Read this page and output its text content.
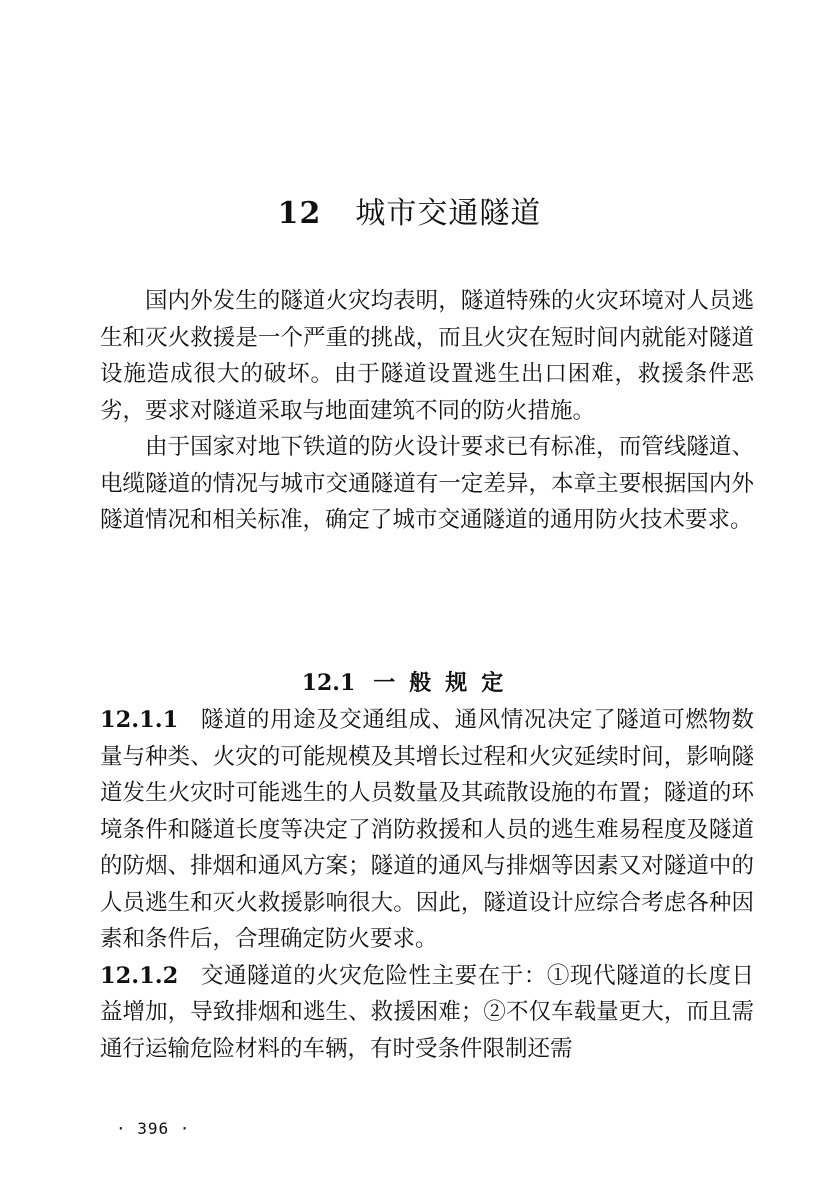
12 城市交通隧道

国内外发生的隧道火灾均表明，隧道特殊的火灾环境对人员逃生和灭火救援是一个严重的挑战，而且火灾在短时间内就能对隧道设施造成很大的破坏。由于隧道设置逃生出口困难，救援条件恶劣，要求对隧道采取与地面建筑不同的防火措施。

由于国家对地下铁道的防火设计要求已有标准，而管线隧道、电缆隧道的情况与城市交通隧道有一定差异，本章主要根据国内外隧道情况和相关标准，确定了城市交通隧道的通用防火技术要求。

12.1 一般规定

12.1.1 隧道的用途及交通组成、通风情况决定了隧道可燃物数量与种类、火灾的可能规模及其增长过程和火灾延续时间，影响隧道发生火灾时可能逃生的人员数量及其疏散设施的布置；隧道的环境条件和隧道长度等决定了消防救援和人员的逃生难易程度及隧道的防烟、排烟和通风方案；隧道的通风与排烟等因素又对隧道中的人员逃生和灭火救援影响很大。因此，隧道设计应综合考虑各种因素和条件后，合理确定防火要求。

12.1.2 交通隧道的火灾危险性主要在于：①现代隧道的长度日益增加，导致排烟和逃生、救援困难；②不仅车载量更大，而且需通行运输危险材料的车辆，有时受条件限制还需

· 396 ·
